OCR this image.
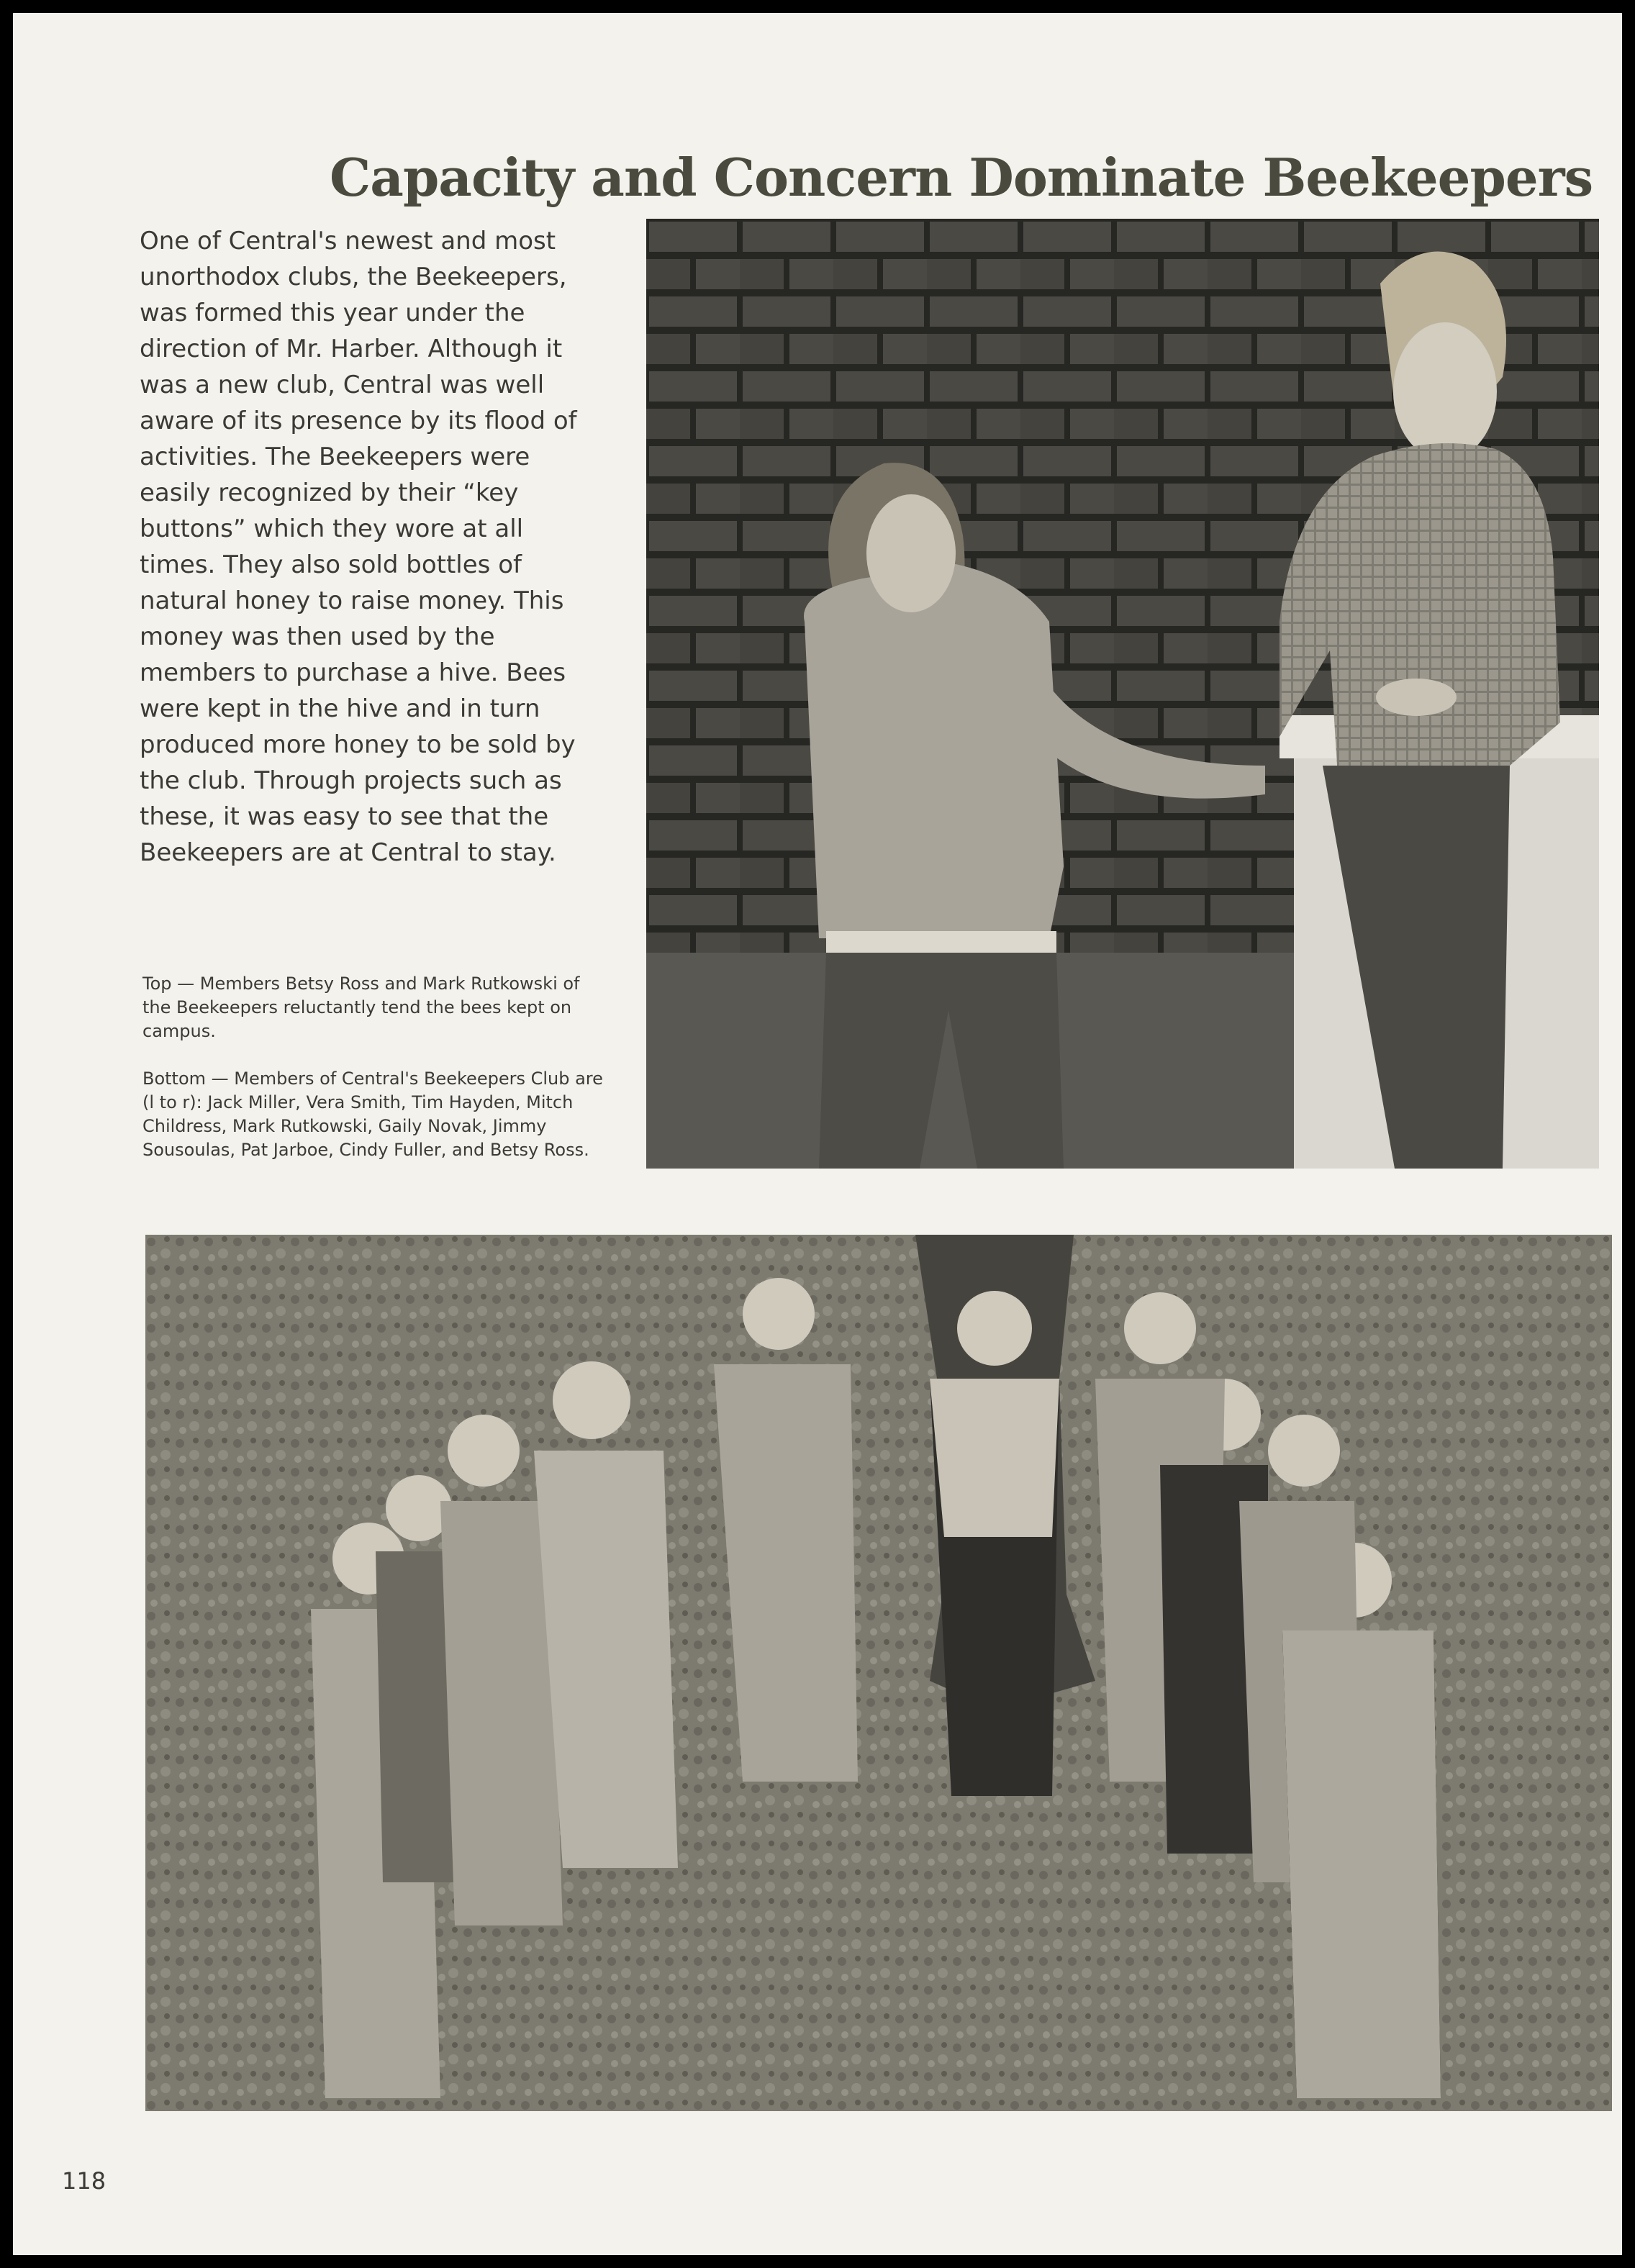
Capacity and Concern Dominate Beekeepers

One of Central's newest and most unorthodox clubs, the Beekeepers, was formed this year under the direction of Mr. Harber. Although it was a new club, Central was well aware of its presence by its flood of activities. The Beekeepers were easily recognized by their “key buttons” which they wore at all times. They also sold bottles of natural honey to raise money. This money was then used by the members to purchase a hive. Bees were kept in the hive and in turn produced more honey to be sold by the club. Through projects such as these, it was easy to see that the Beekeepers are at Central to stay.

Top — Members Betsy Ross and Mark Rutkowski of the Beekeepers reluctantly tend the bees kept on campus.

Bottom — Members of Central's Beekeepers Club are (l to r): Jack Miller, Vera Smith, Tim Hayden, Mitch Childress, Mark Rutkowski, Gaily Novak, Jimmy Sousoulas, Pat Jarboe, Cindy Fuller, and Betsy Ross.

118
